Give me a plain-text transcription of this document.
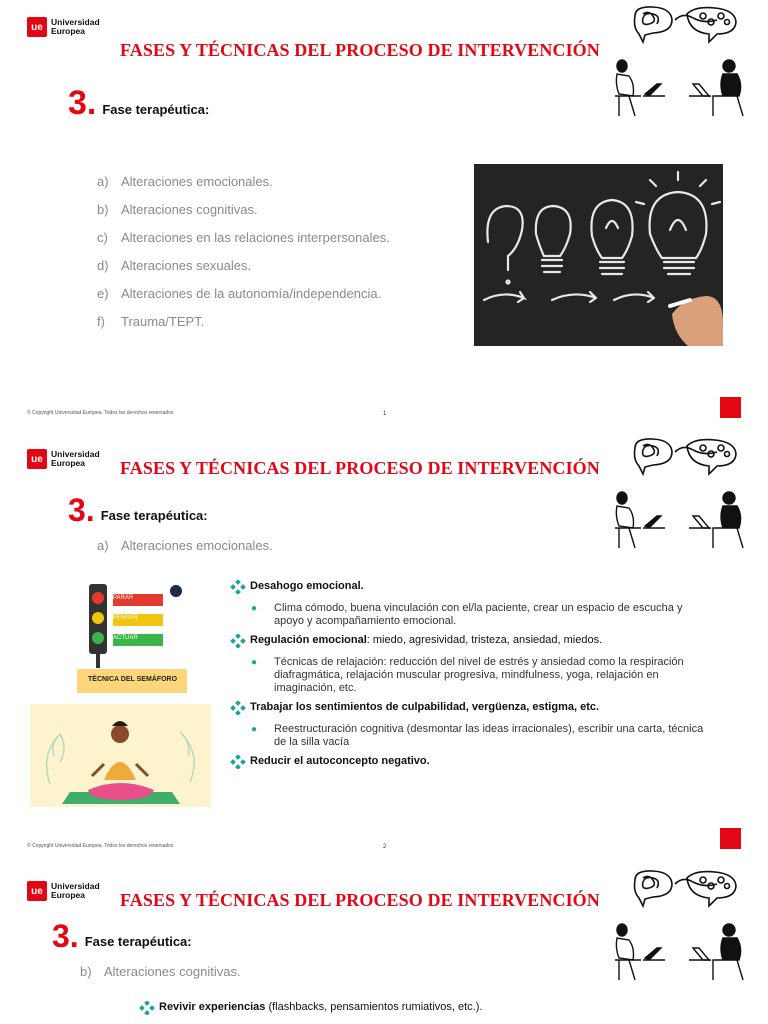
ue Universidad
Europea
FASES Y TÉCNICAS DEL PROCESO DE INTERVENCIÓN
3. Fase terapéutica:
a) Alteraciones emocionales.
b) Alteraciones cognitivas.
c)	Alteraciones en las relaciones interpersonales.
d) Alteraciones sexuales.
e) Alteraciones de la autonomía/independencia.
f)	Trauma/TEPT.
© Copyright Universidad Europea. Todos los derechos reservados	1
ue Universidad
Europea	FASES Y TÉCNICAS DEL PROCESO DE INTERVENCIÓN
3. Fase terapéutica:
a) Alteraciones emocionales.
PARAR
PENSAR
ACTUAR
TÉCNICA DEL SEMÁFORO
Desahogo emocional.
●	Clima cómodo, buena vinculación con el/la paciente, crear un espacio de escucha y apoyo y acompañamiento emocional.
Regulación emocional: miedo, agresividad, tristeza, ansiedad, miedos.
●	Técnicas de relajación: reducción del nivel de estrés y ansiedad como la respiración diafragmática, relajación muscular progresiva, mindfulness, yoga, relajación en imaginación, etc.
Trabajar los sentimientos de culpabilidad, vergüenza, estigma, etc.
●	Reestructuración cognitiva (desmontar las ideas irracionales), escribir una carta, técnica de la silla vacía
Reducir el autoconcepto negativo.
© Copyright Universidad Europea. Todos los derechos reservados	2
ue Universidad
Europea	FASES Y TÉCNICAS DEL PROCESO DE INTERVENCIÓN
3. Fase terapéutica:
b) Alteraciones cognitivas.
Revivir experiencias (flashbacks, pensamientos rumiativos, etc.).
